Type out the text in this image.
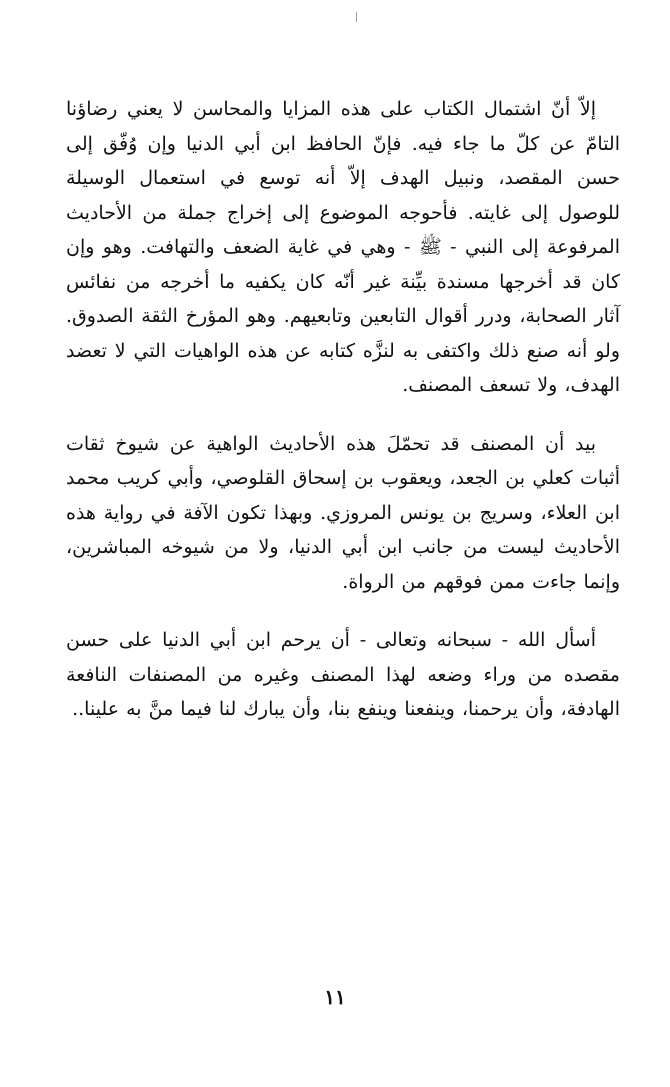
إلاّ أنّ اشتمال الكتاب على هذه المزايا والمحاسن لا يعني رضاؤنا التامّ عن كلّ ما جاء فيه. فإنّ الحافظ ابن أبي الدنيا وإن وُفّق إلى حسن المقصد، ونبيل الهدف إلاّ أنه توسع في استعمال الوسيلة للوصول إلى غايته. فأحوجه الموضوع إلى إخراج جملة من الأحاديث المرفوعة إلى النبي - ﷺ - وهي في غاية الضعف والتهافت. وهو وإن كان قد أخرجها مسندة بيِّنة غير أنّه كان يكفيه ما أخرجه من نفائس آثار الصحابة، ودرر أقوال التابعين وتابعيهم. وهو المؤرخ الثقة الصدوق. ولو أنه صنع ذلك واكتفى به لنزَّه كتابه عن هذه الواهيات التي لا تعضد الهدف، ولا تسعف المصنف.

بيد أن المصنف قد تحمّلَ هذه الأحاديث الواهية عن شيوخ ثقات أثبات كعلي بن الجعد، ويعقوب بن إسحاق القلوصي، وأبي كريب محمد ابن العلاء، وسريج بن يونس المروزي. وبهذا تكون الآفة في رواية هذه الأحاديث ليست من جانب ابن أبي الدنيا، ولا من شيوخه المباشرين، وإنما جاءت ممن فوقهم من الرواة.

أسأل الله - سبحانه وتعالى - أن يرحم ابن أبي الدنيا على حسن مقصده من وراء وضعه لهذا المصنف وغيره من المصنفات النافعة الهادفة، وأن يرحمنا، وينفعنا وينفع بنا، وأن يبارك لنا فيما منَّ به علينا..

١١
